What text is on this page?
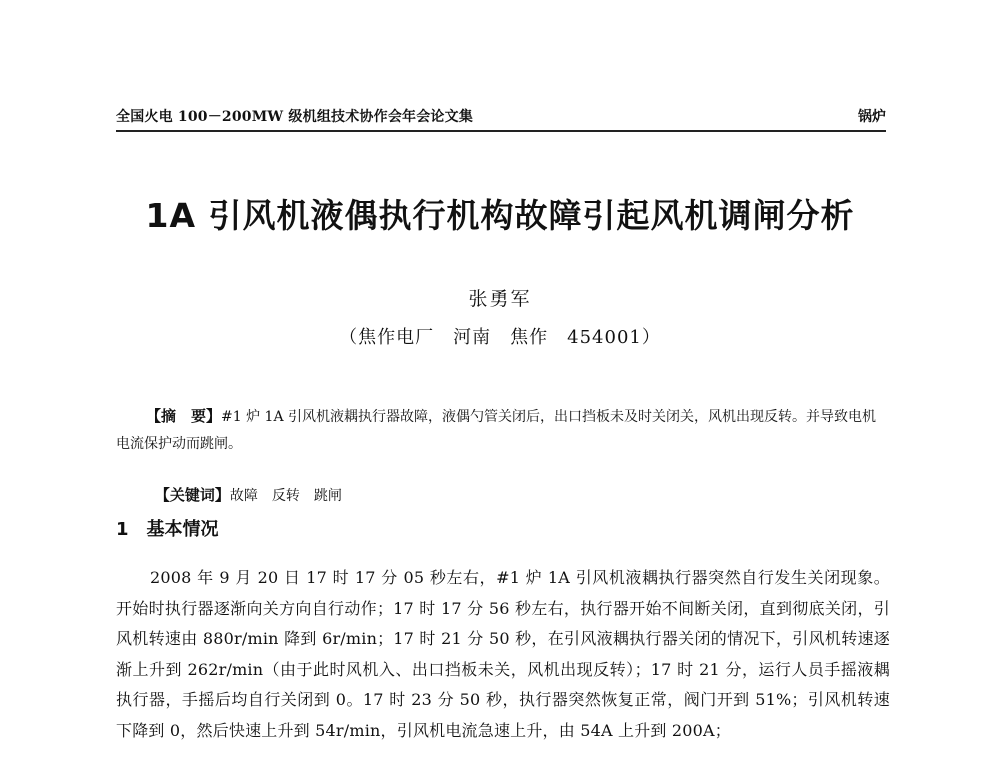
全国火电 100－200MW 级机组技术协作会年会论文集	锅炉
1A 引风机液偶执行机构故障引起风机调闸分析
张勇军
（焦作电厂　河南　焦作　454001）
【摘　要】#1 炉 1A 引风机液耦执行器故障，液偶勺管关闭后，出口挡板未及时关闭关，风机出现反转。并导致电机电流保护动而跳闸。

【关键词】故障　反转　跳闸

1　基本情况
2008 年 9 月 20 日 17 时 17 分 05 秒左右，#1 炉 1A 引风机液耦执行器突然自行发生关闭现象。开始时执行器逐渐向关方向自行动作；17 时 17 分 56 秒左右，执行器开始不间断关闭，直到彻底关闭，引风机转速由 880r/min 降到 6r/min；17 时 21 分 50 秒，在引风液耦执行器关闭的情况下，引风机转速逐渐上升到 262r/min（由于此时风机入、出口挡板未关，风机出现反转）；17 时 21 分，运行人员手摇液耦执行器，手摇后均自行关闭到 0。17 时 23 分 50 秒，执行器突然恢复正常，阀门开到 51%；引风机转速下降到 0，然后快速上升到 54r/min，引风机电流急速上升，由 54A 上升到 200A；
